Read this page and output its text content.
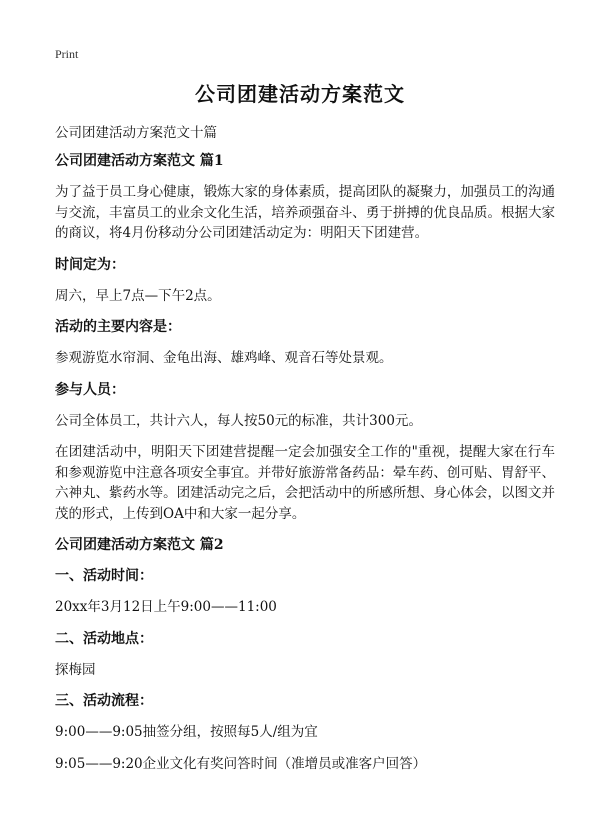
Print
公司团建活动方案范文
公司团建活动方案范文十篇
公司团建活动方案范文 篇1
为了益于员工身心健康，锻炼大家的身体素质，提高团队的凝聚力，加强员工的沟通与交流，丰富员工的业余文化生活，培养顽强奋斗、勇于拼搏的优良品质。根据大家的商议，将4月份移动分公司团建活动定为：明阳天下团建营。
时间定为：
周六，早上7点—下午2点。
活动的主要内容是：
参观游览水帘洞、金龟出海、雄鸡峰、观音石等处景观。
参与人员：
公司全体员工，共计六人，每人按50元的标准，共计300元。
在团建活动中，明阳天下团建营提醒一定会加强安全工作的"重视，提醒大家在行车和参观游览中注意各项安全事宜。并带好旅游常备药品：晕车药、创可贴、胃舒平、六神丸、紫药水等。团建活动完之后，会把活动中的所感所想、身心体会，以图文并茂的形式，上传到OA中和大家一起分享。
公司团建活动方案范文 篇2
一、活动时间：
20xx年3月12日上午9:00——11:00
二、活动地点：
探梅园
三、活动流程：
9:00——9:05抽签分组，按照每5人/组为宜
9:05——9:20企业文化有奖问答时间（准增员或准客户回答）
